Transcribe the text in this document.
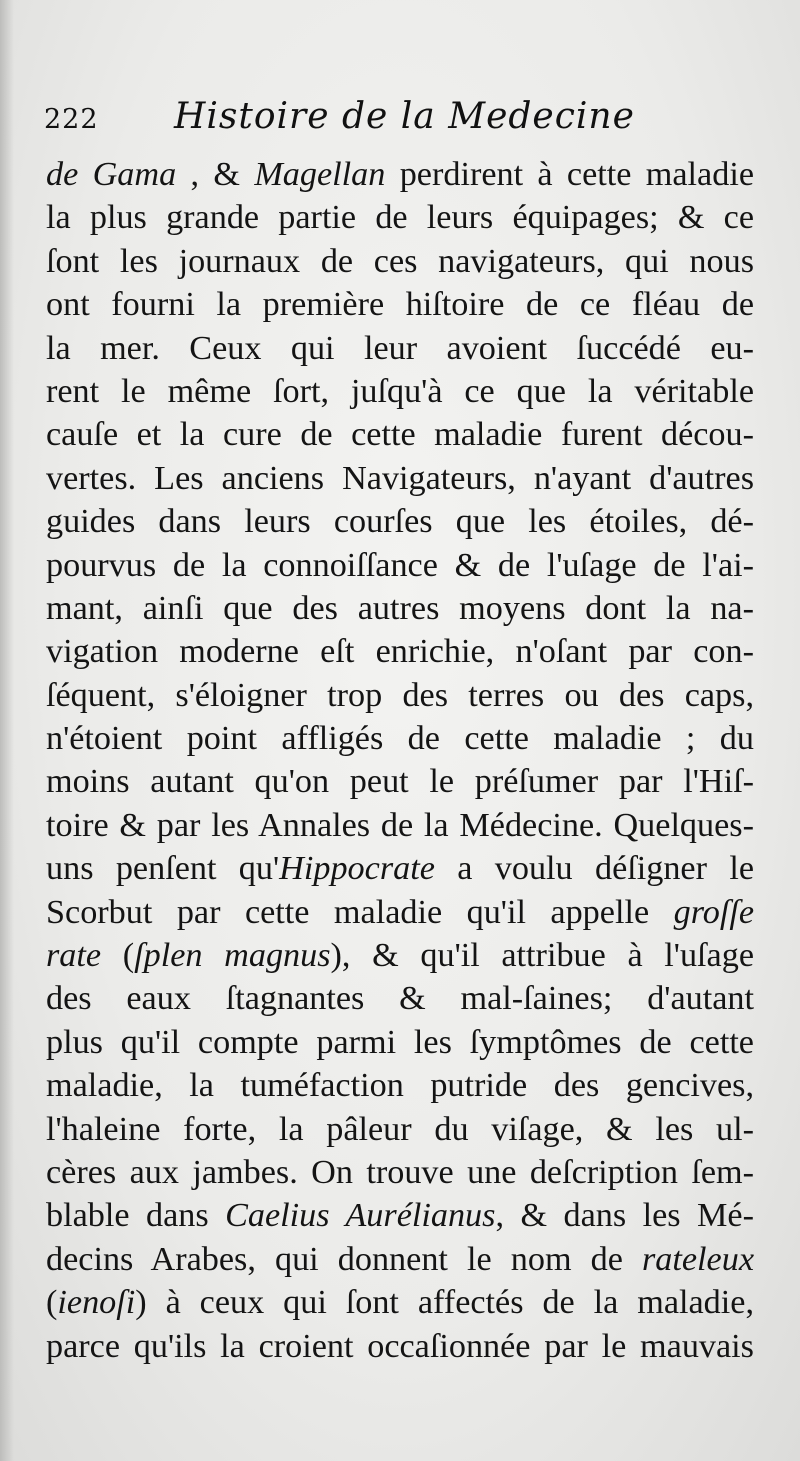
222 Histoire de la Medecine
de Gama , & Magellan perdirent à cette maladie
la plus grande partie de leurs équipages; & ce
ſont les journaux de ces navigateurs, qui nous
ont fourni la première hiſtoire de ce fléau de
la mer. Ceux qui leur avoient ſuccédé eu-
rent le même ſort, juſqu'à ce que la véritable
cauſe et la cure de cette maladie furent décou-
vertes. Les anciens Navigateurs, n'ayant d'autres
guides dans leurs courſes que les étoiles, dé-
pourvus de la connoiſſance & de l'uſage de l'ai-
mant, ainſi que des autres moyens dont la na-
vigation moderne eſt enrichie, n'oſant par con-
ſéquent, s'éloigner trop des terres ou des caps,
n'étoient point affligés de cette maladie ; du
moins autant qu'on peut le préſumer par l'Hiſ-
toire & par les Annales de la Médecine. Quelques-
uns penſent qu'Hippocrate a voulu déſigner le
Scorbut par cette maladie qu'il appelle groſſe
rate (ſplen magnus), & qu'il attribue à l'uſage
des eaux ſtagnantes & mal-ſaines; d'autant
plus qu'il compte parmi les ſymptômes de cette
maladie, la tuméfaction putride des gencives,
l'haleine forte, la pâleur du viſage, & les ul-
cères aux jambes. On trouve une deſcription ſem-
blable dans Caelius Aurélianus, & dans les Mé-
decins Arabes, qui donnent le nom de rateleux
(ienoſi) à ceux qui ſont affectés de la maladie,
parce qu'ils la croient occaſionnée par le mauvais
